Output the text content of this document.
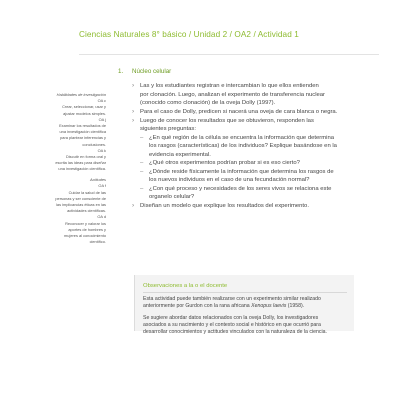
Ciencias Naturales 8° básico / Unidad 2 / OA2 / Actividad 1
1. Núcleo celular
Habilidades de investigación
OA c
Crear, seleccionar, usar y
ajustar modelos simples.
OA j
Examinar los resultados de
una investigación científica
para plantear inferencias y
conclusiones.
OA k
Discutir en forma oral y
escrita las ideas para diseñar
una investigación científica.
Actitudes
OA f
Cuidar la salud de las
personas y ser consciente de
las implicancias éticas en las
actividades científicas.
OA d
Reconocer y valorar los
aportes de hombres y
mujeres al conocimiento
científico.
› Las y los estudiantes registran e intercambian lo que ellos entienden
por clonación. Luego, analizan el experimento de transferencia nuclear
(conocido como clonación) de la oveja Dolly (1997).
› Para el caso de Dolly, predicen si nacerá una oveja de cara blanca o negra.
› Luego de conocer los resultados que se obtuvieron, responden las
siguientes preguntas:
– ¿En qué región de la célula se encuentra la información que determina
los rasgos (características) de los individuos? Explique basándose en la
evidencia experimental.
– ¿Qué otros experimentos podrían probar si es eso cierto?
– ¿Dónde reside físicamente la información que determina los rasgos de
los nuevos individuos en el caso de una fecundación normal?
– ¿Con qué proceso y necesidades de los seres vivos se relaciona este
organelo celular?
› Diseñan un modelo que explique los resultados del experimento.
Observaciones a la o el docente
Esta actividad puede también realizarse con un experimento similar realizado
anteriormente por Gurdon con la rana africana Xenopus laevis (1958).
Se sugiere abordar datos relacionados con la oveja Dolly, los investigadores
asociados a su nacimiento y el contexto social e histórico en que ocurrió para
desarrollar conocimientos y actitudes vinculados con la naturaleza de la ciencia.
